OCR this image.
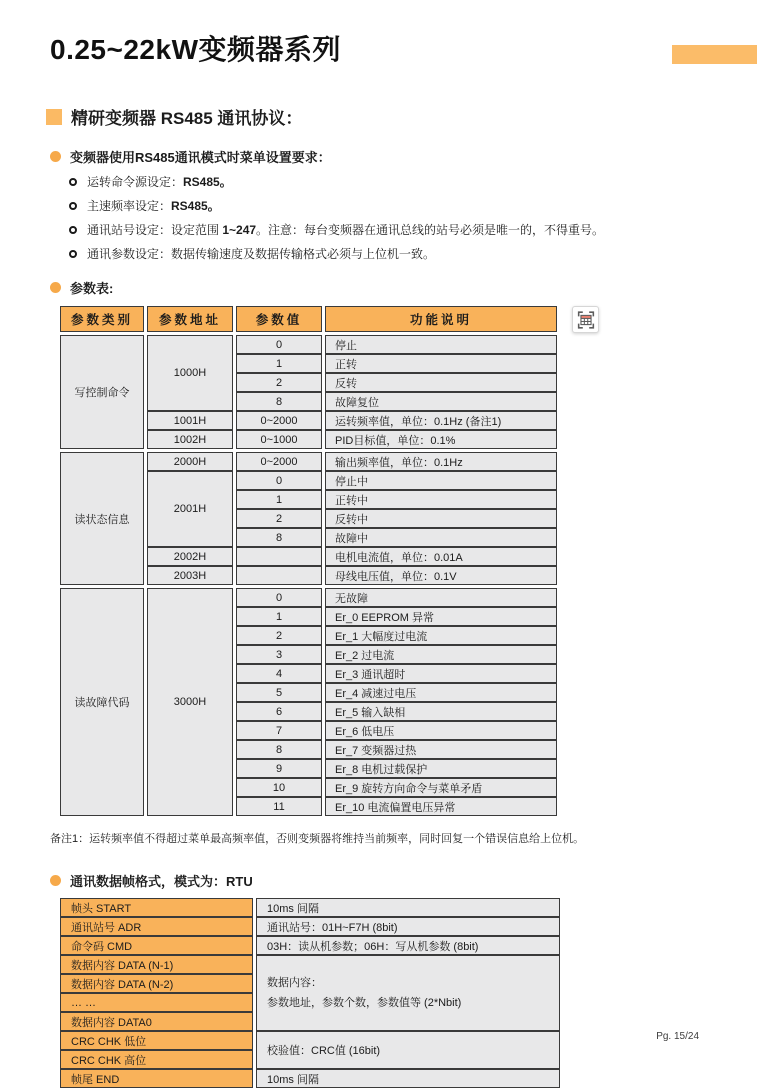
0.25~22kW变频器系列
精研变频器 RS485 通讯协议：
变频器使用RS485通讯模式时菜单设置要求：
运转命令源设定：RS485。
主速频率设定：RS485。
通讯站号设定：设定范围 1~247。注意：每台变频器在通讯总线的站号必须是唯一的，不得重号。
通讯参数设定：数据传输速度及数据传输格式必须与上位机一致。
参数表:
参数类别	参数地址	参数值	功能说明
写控制命令	1000H	0	停止
		1	正转
		2	反转
		8	故障复位
	1001H	0~2000	运转频率值，单位：0.1Hz (备注1)
	1002H	0~1000	PID目标值，单位：0.1%
读状态信息	2000H	0~2000	输出频率值，单位：0.1Hz
	2001H	0	停止中
		1	正转中
		2	反转中
		8	故障中
	2002H		电机电流值，单位：0.01A
	2003H		母线电压值，单位：0.1V
读故障代码	3000H	0	无故障
		1	Er_0 EEPROM 异常
		2	Er_1 大幅度过电流
		3	Er_2 过电流
		4	Er_3 通讯超时
		5	Er_4 减速过电压
		6	Er_5 输入缺相
		7	Er_6 低电压
		8	Er_7 变频器过热
		9	Er_8 电机过载保护
		10	Er_9 旋转方向命令与菜单矛盾
		11	Er_10 电流偏置电压异常

备注1：运转频率值不得超过菜单最高频率值，否则变频器将维持当前频率，同时回复一个错误信息给上位机。

通讯数据帧格式，模式为：RTU
帧头 START	10ms 间隔
通讯站号 ADR	通讯站号：01H~F7H (8bit)
命令码 CMD	03H：读从机参数；06H：写从机参数 (8bit)
数据内容 DATA (N-1)	数据内容：
参数地址，参数个数，参数值等 (2*Nbit)

数据内容 DATA (N-2)	
… …	
数据内容 DATA0	
CRC CHK 低位	校验值：CRC值 (16bit)
CRC CHK 高位	
帧尾 END	10ms 间隔
Pg. 15/24
